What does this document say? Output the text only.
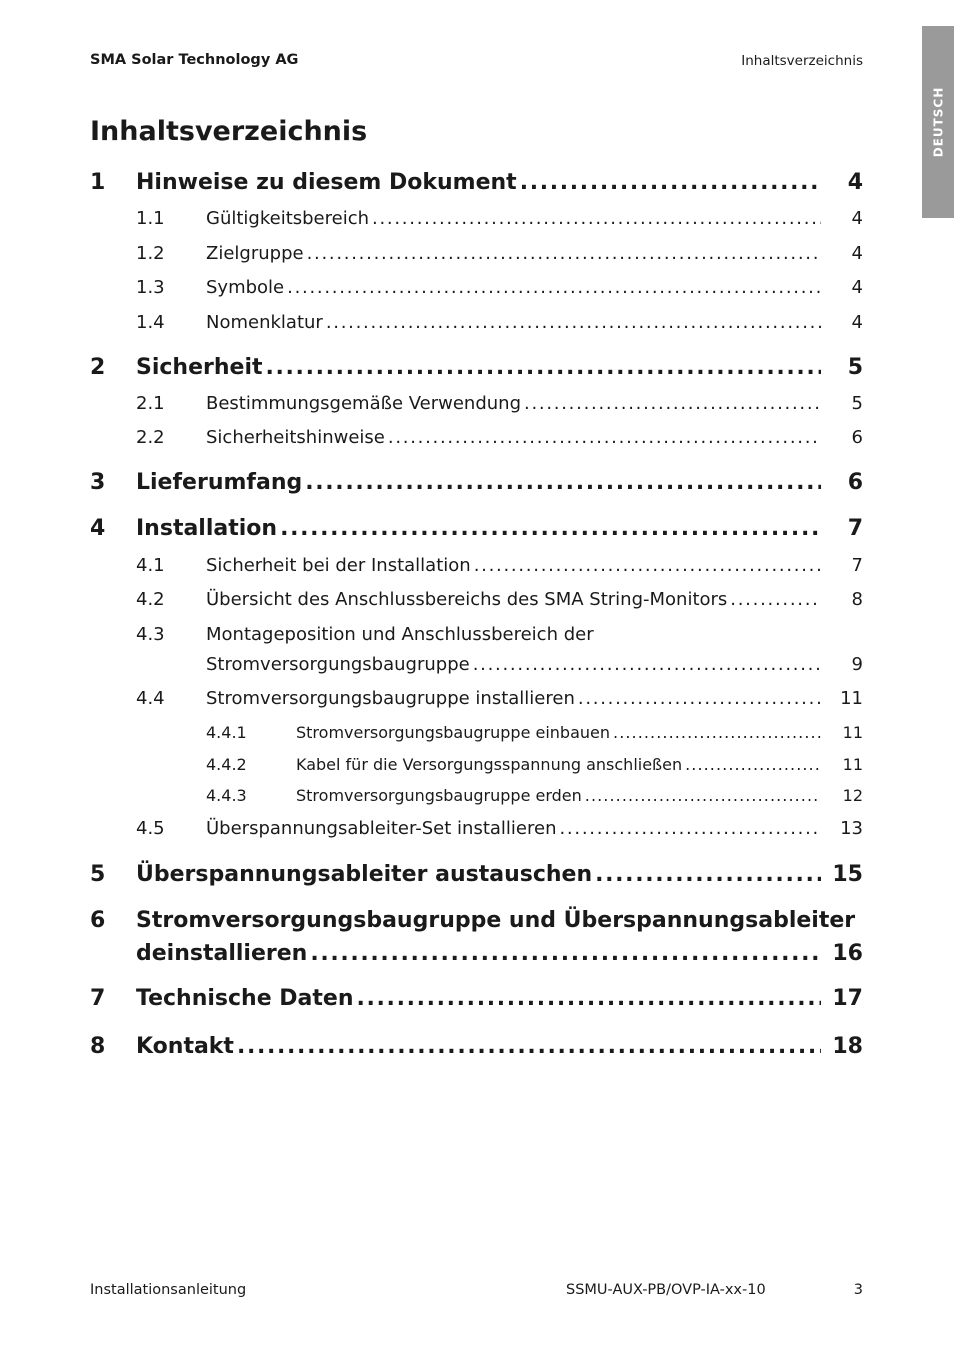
SMA Solar Technology AG	Inhaltsverzeichnis
DEUTSCH
Inhaltsverzeichnis
1 Hinweise zu diesem Dokument . . .	4
1.1 Gültigkeitsbereich . . .	4
1.2 Zielgruppe . . .	4
1.3 Symbole . . .	4
1.4 Nomenklatur . . .	4
2 Sicherheit . . .	5
2.1 Bestimmungsgemäße Verwendung . . .	5
2.2 Sicherheitshinweise . . .	6
3 Lieferumfang . . .	6
4 Installation . . .	7
4.1 Sicherheit bei der Installation . . .	7
4.2 Übersicht des Anschlussbereichs des SMA String-Monitors . . .	8
4.3 Montageposition und Anschlussbereich der
Stromversorgungsbaugruppe . . .	9
4.4 Stromversorgungsbaugruppe installieren . . .	11
4.4.1	Stromversorgungsbaugruppe einbauen . . .	11
4.4.2	Kabel für die Versorgungsspannung anschließen . . .	11
4.4.3	Stromversorgungsbaugruppe erden . . .	12
4.5 Überspannungsableiter-Set installieren . . .	13
5 Überspannungsableiter austauschen . . .	15
6 Stromversorgungsbaugruppe und Überspannungsableiter
deinstallieren . . .	16
7 Technische Daten . . .	17
8 Kontakt . . .	18
Installationsanleitung	SSMU-AUX-PB/OVP-IA-xx-10	3
